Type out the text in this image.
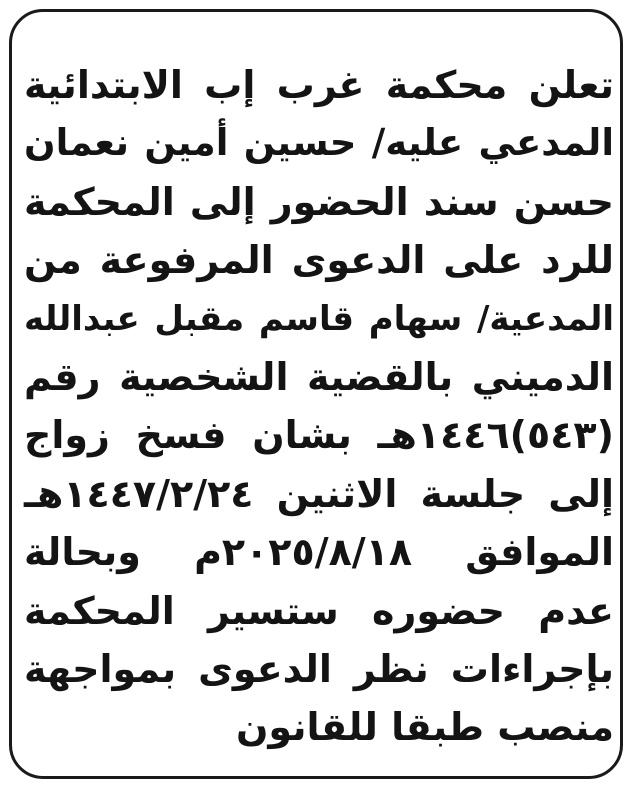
تعلن محكمة غرب إب الابتدائية
المدعي عليه/ حسين أمين نعمان
حسن سند الحضور إلى المحكمة
للرد على الدعوى المرفوعة من
المدعية/ سهام قاسم مقبل عبدالله
الدميني بالقضية الشخصية رقم
(٥٤٣)١٤٤٦هـ بشان فسخ زواج
إلى جلسة الاثنين ١٤٤٧/٢/٢٤هـ
الموافق ٢٠٢٥/٨/١٨م وبحالة
عدم حضوره ستسير المحكمة
بإجراءات نظر الدعوى بمواجهة
منصب طبقا للقانون
